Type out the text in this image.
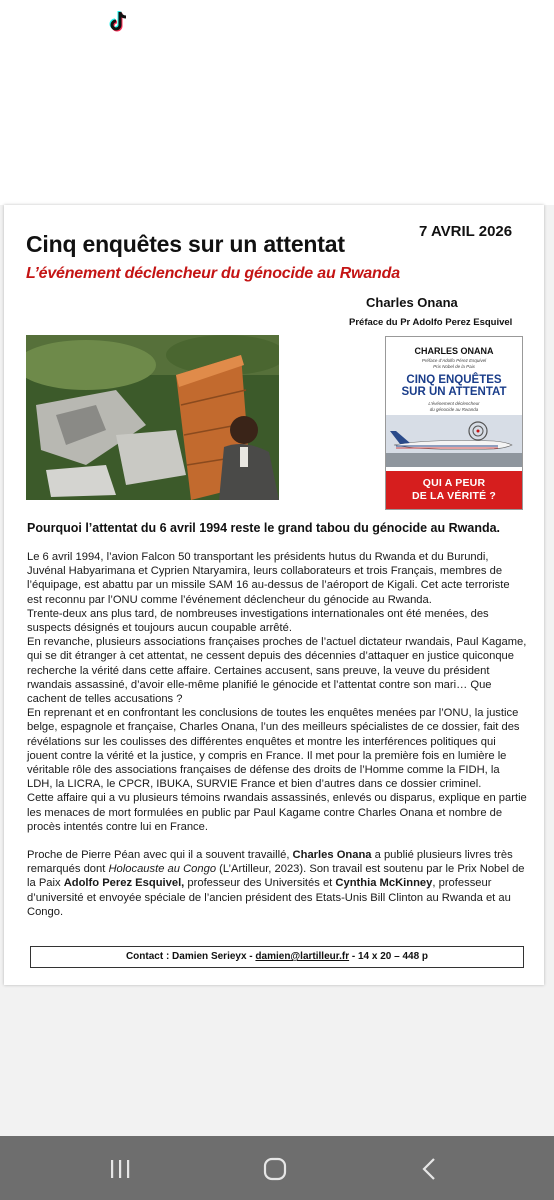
Cinq enquêtes sur un attentat	7 AVRIL 2026
L’événement déclencheur du génocide au Rwanda
Charles Onana
Préface du Pr Adolfo Perez Esquivel
CHARLES ONANA
Préface d’Adolfo Pérez Esquivel
Prix Nobel de la Paix
CINQ ENQUÊTES
SUR UN ATTENTAT
L’événement déclencheur
du génocide au Rwanda
QUI A PEUR
DE LA VÉRITÉ ?
Pourquoi l’attentat du 6 avril 1994 reste le grand tabou du génocide au Rwanda.

Le 6 avril 1994, l’avion Falcon 50 transportant les présidents hutus du Rwanda et du Burundi, Juvénal Habyarimana et Cyprien Ntaryamira, leurs collaborateurs et trois Français, membres de l’équipage, est abattu par un missile SAM 16 au-dessus de l’aéroport de Kigali. Cet acte terroriste est reconnu par l’ONU comme l’événement déclencheur du génocide au Rwanda.

Trente-deux ans plus tard, de nombreuses investigations internationales ont été menées, des suspects désignés et toujours aucun coupable arrêté.

En revanche, plusieurs associations françaises proches de l’actuel dictateur rwandais, Paul Kagame, qui se dit étranger à cet attentat, ne cessent depuis des décennies d’attaquer en justice quiconque recherche la vérité dans cette affaire. Certaines accusent, sans preuve, la veuve du président rwandais assassiné, d’avoir elle-même planifié le génocide et l’attentat contre son mari… Que cachent de telles accusations ?

En reprenant et en confrontant les conclusions de toutes les enquêtes menées par l’ONU, la justice belge, espagnole et française, Charles Onana, l’un des meilleurs spécialistes de ce dossier, fait des révélations sur les coulisses des différentes enquêtes et montre les interférences politiques qui jouent contre la vérité et la justice, y compris en France. Il met pour la première fois en lumière le véritable rôle des associations françaises de défense des droits de l’Homme comme la FIDH, la LDH, la LICRA, le CPCR, IBUKA, SURVIE France et bien d’autres dans ce dossier criminel.

Cette affaire qui a vu plusieurs témoins rwandais assassinés, enlevés ou disparus, explique en partie les menaces de mort formulées en public par Paul Kagame contre Charles Onana et nombre de procès intentés contre lui en France.

Proche de Pierre Péan avec qui il a souvent travaillé, Charles Onana a publié plusieurs livres très remarqués dont Holocauste au Congo (L’Artilleur, 2023). Son travail est soutenu par le Prix Nobel de la Paix Adolfo Perez Esquivel, professeur des Universités et Cynthia McKinney, professeur d’université et envoyée spéciale de l’ancien président des Etats-Unis Bill Clinton au Rwanda et au Congo.

Contact : Damien Serieyx - damien@lartilleur.fr - 14 x 20 – 448 p
